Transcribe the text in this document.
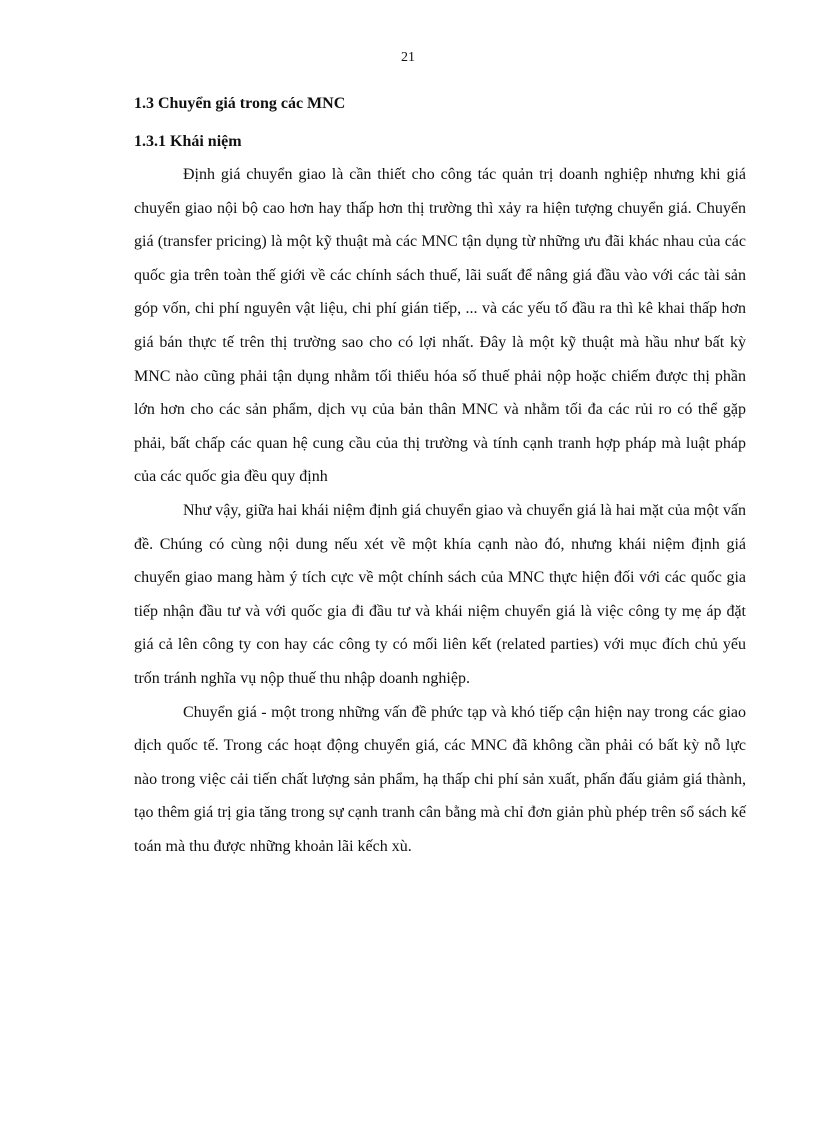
21
1.3 Chuyển giá trong các MNC
1.3.1 Khái niệm

Định giá chuyển giao là cần thiết cho công tác quản trị doanh nghiệp nhưng khi giá chuyển giao nội bộ cao hơn hay thấp hơn thị trường thì xảy ra hiện tượng chuyển giá. Chuyển giá (transfer pricing) là một kỹ thuật mà các MNC tận dụng từ những ưu đãi khác nhau của các quốc gia trên toàn thế giới về các chính sách thuế, lãi suất để nâng giá đầu vào với các tài sản góp vốn, chi phí nguyên vật liệu, chi phí gián tiếp, ... và các yếu tố đầu ra thì kê khai thấp hơn giá bán thực tế trên thị trường sao cho có lợi nhất. Đây là một kỹ thuật mà hầu như bất kỳ MNC nào cũng phải tận dụng nhằm tối thiểu hóa số thuế phải nộp hoặc chiếm được thị phần lớn hơn cho các sản phẩm, dịch vụ của bản thân MNC và nhằm tối đa các rủi ro có thể gặp phải, bất chấp các quan hệ cung cầu của thị trường và tính cạnh tranh hợp pháp mà luật pháp của các quốc gia đều quy định

Như vậy, giữa hai khái niệm định giá chuyển giao và chuyển giá là hai mặt của một vấn đề. Chúng có cùng nội dung nếu xét về một khía cạnh nào đó, nhưng khái niệm định giá chuyển giao mang hàm ý tích cực về một chính sách của MNC thực hiện đối với các quốc gia tiếp nhận đầu tư và với quốc gia đi đầu tư và khái niệm chuyển giá là việc công ty mẹ áp đặt giá cả lên công ty con hay các công ty có mối liên kết (related parties) với mục đích chủ yếu trốn tránh nghĩa vụ nộp thuế thu nhập doanh nghiệp.

Chuyển giá - một trong những vấn đề phức tạp và khó tiếp cận hiện nay trong các giao dịch quốc tế. Trong các hoạt động chuyển giá, các MNC đã không cần phải có bất kỳ nỗ lực nào trong việc cải tiến chất lượng sản phẩm, hạ thấp chi phí sản xuất, phấn đấu giảm giá thành, tạo thêm giá trị gia tăng trong sự cạnh tranh cân bằng mà chỉ đơn giản phù phép trên sổ sách kế toán mà thu được những khoản lãi kếch xù.
